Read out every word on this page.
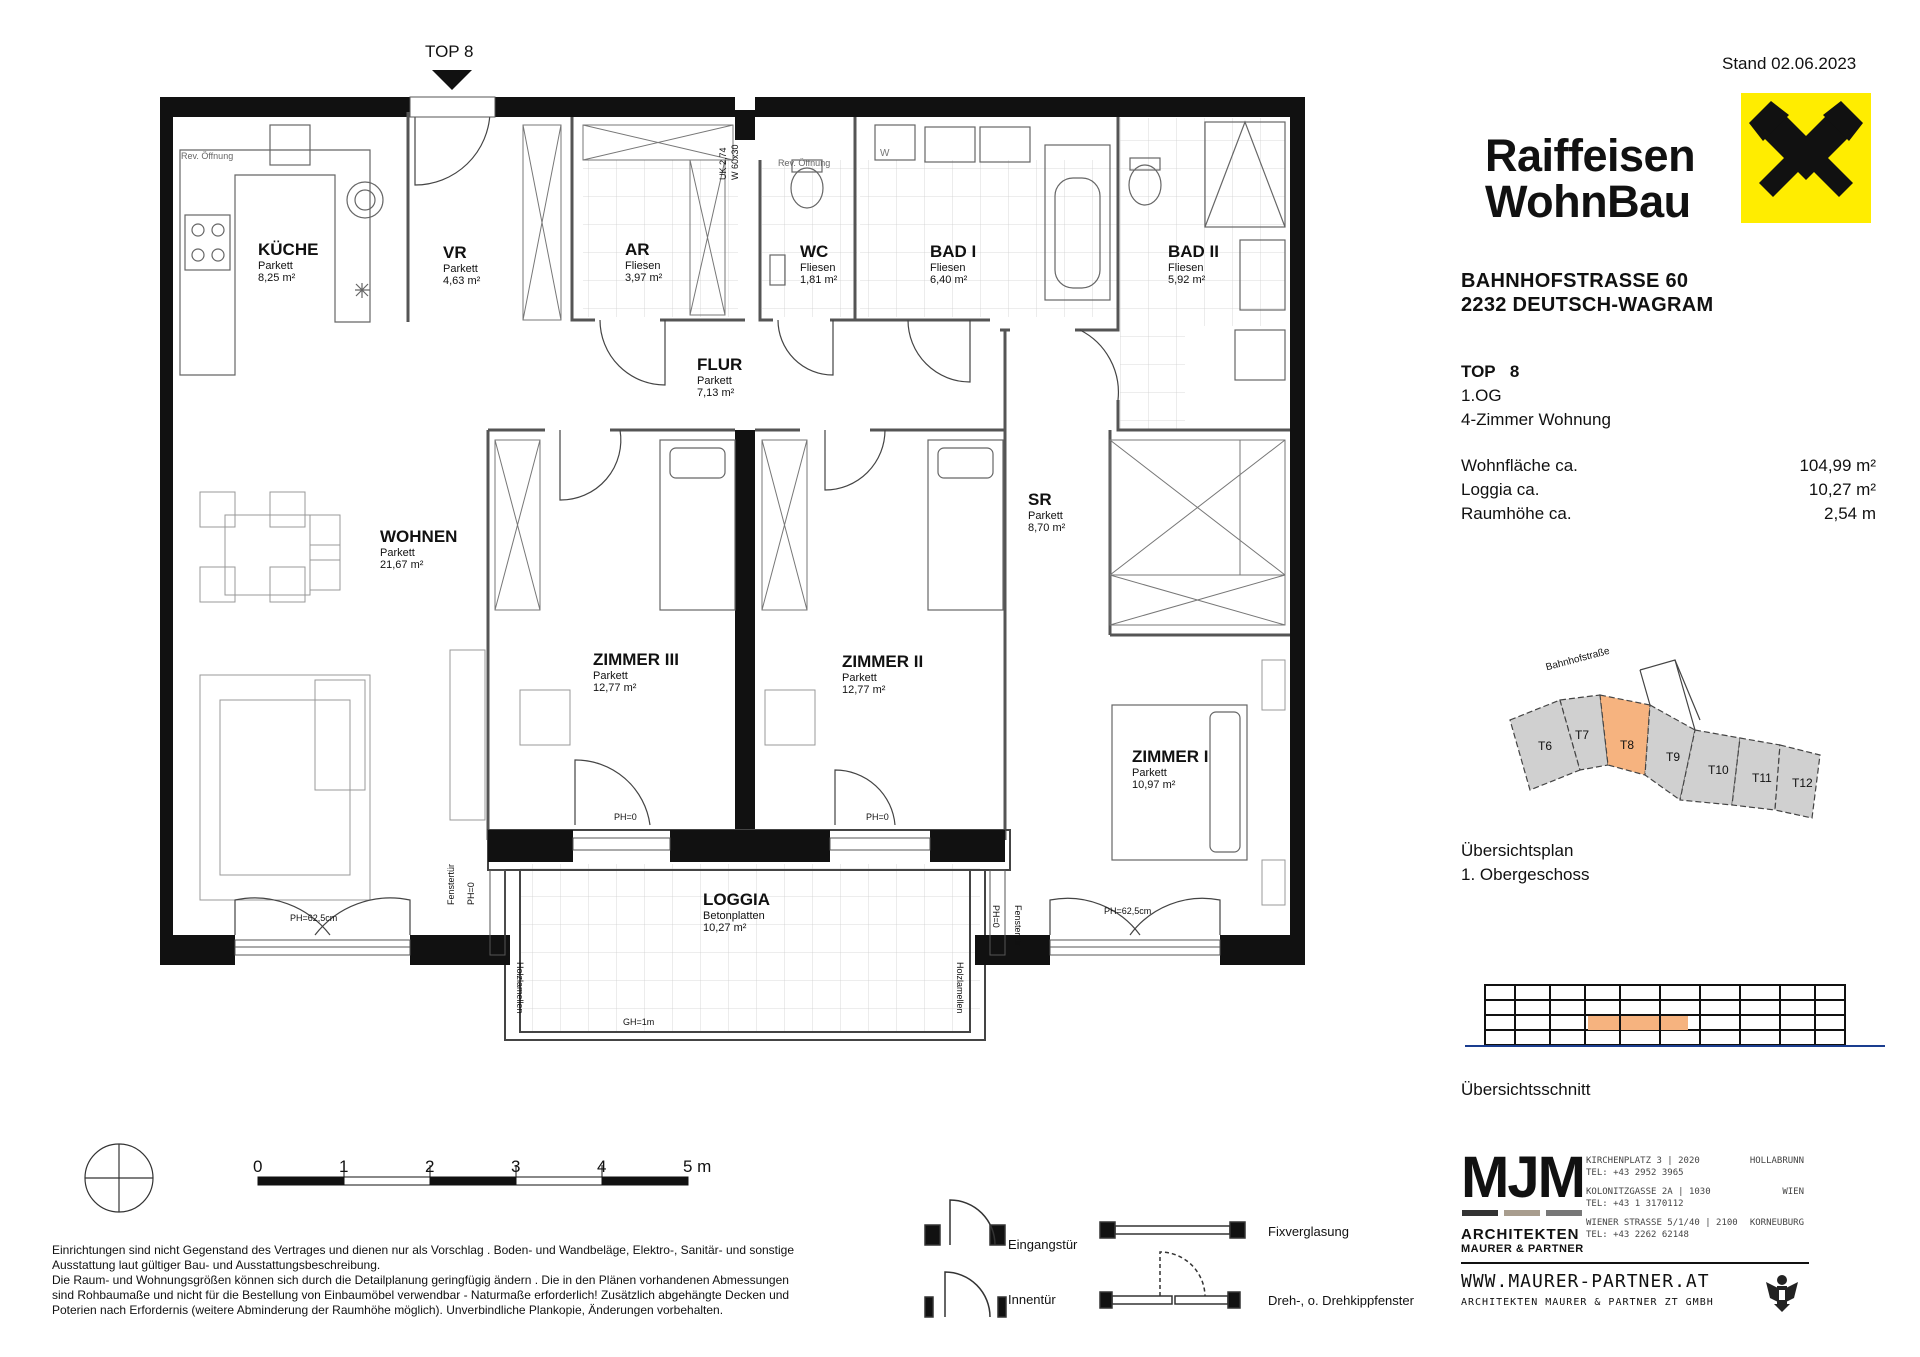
Stand 02.06.2023
TOP 8
KÜCHE
Parkett
8,25 m²
VR
Parkett
4,63 m²
AR
Fliesen
3,97 m²
WC
Fliesen
1,81 m²
BAD I
Fliesen
6,40 m²
BAD II
Fliesen
5,92 m²
FLUR
Parkett
7,13 m²
WOHNEN
Parkett
21,67 m²
SR
Parkett
8,70 m²
ZIMMER III
Parkett
12,77 m²
ZIMMER II
Parkett
12,77 m²
ZIMMER I
Parkett
10,97 m²
LOGGIA
Betonplatten
10,27 m²
Rev. Öffnung
Rev. Öffnung
W
PH=0	PH=0
PH=62,5cm
PH=62,5cm
GH=1m
Fenstertür
Fenstertür
PH=0
PH=0
Holzlamellen	Holzlamellen
UK 2,74 W 60x30
0	1	2	3	4	5 m
Eingangstür
Innentür
Fixverglasung
Dreh-, o. Drehkippfenster
Einrichtungen sind nicht Gegenstand des Vertrages und dienen nur als Vorschlag . Boden- und Wandbeläge, Elektro-, Sanitär- und sonstige
Ausstattung laut gültiger Bau- und Ausstattungsbeschreibung.
Die Raum- und Wohnungsgrößen können sich durch die Detailplanung geringfügig ändern . Die in den Plänen vorhandenen Abmessungen
sind Rohbaumaße und nicht für die Bestellung von Einbaumöbel verwendbar - Naturmaße erforderlich! Zusätzlich abgehängte Decken und
Poterien nach Erfordernis (weitere Abminderung der Raumhöhe möglich). Unverbindliche Plankopie, Änderungen vorbehalten.
Raiffeisen
WohnBau
BAHNHOFSTRASSE 60
2232 DEUTSCH-WAGRAM
TOP 8
1.OG
4-Zimmer Wohnung
Wohnfläche ca.	104,99 m²
Loggia ca.	10,27 m²
Raumhöhe ca.	2,54 m
Bahnhofstraße
T6
T7
T8
T9
T10
T11 T12
Übersichtsplan
1. Obergeschoss
Übersichtsschnitt
MJM
ARCHITEKTEN
MAURER & PARTNER
KIRCHENPLATZ 3 | 2020	HOLLABRUNN
TEL: +43 2952 3965
KOLONITZGASSE 2A | 1030	WIEN
TEL: +43 1 3170112
WIENER STRASSE 5/1/40 | 2100 KORNEUBURG
TEL: +43 2262 62148
WWW.MAURER-PARTNER.AT
ARCHITEKTEN MAURER & PARTNER ZT GMBH
